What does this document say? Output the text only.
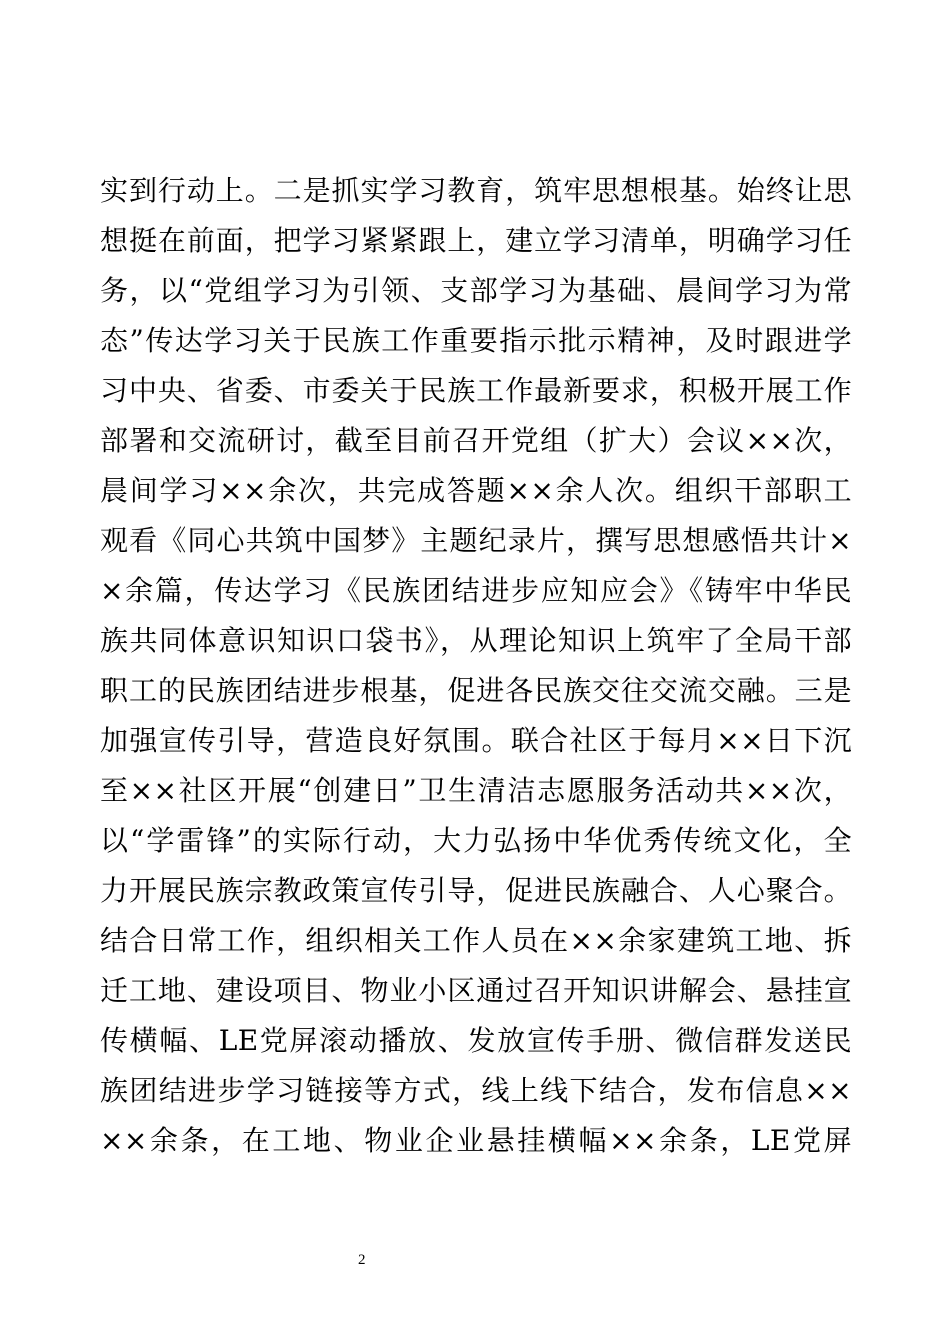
实到行动上。二是抓实学习教育，筑牢思想根基。始终让思
想挺在前面，把学习紧紧跟上，建立学习清单，明确学习任
务，以“党组学习为引领、支部学习为基础、晨间学习为常
态”传达学习关于民族工作重要指示批示精神，及时跟进学
习中央、省委、市委关于民族工作最新要求，积极开展工作
部署和交流研讨，截至目前召开党组（扩大）会议××次，
晨间学习××余次，共完成答题××余人次。组织干部职工
观看《同心共筑中国梦》主题纪录片，撰写思想感悟共计×
×余篇，传达学习《民族团结进步应知应会》《铸牢中华民
族共同体意识知识口袋书》，从理论知识上筑牢了全局干部
职工的民族团结进步根基，促进各民族交往交流交融。三是
加强宣传引导，营造良好氛围。联合社区于每月××日下沉
至××社区开展“创建日”卫生清洁志愿服务活动共××次，
以“学雷锋”的实际行动，大力弘扬中华优秀传统文化，全
力开展民族宗教政策宣传引导，促进民族融合、人心聚合。
结合日常工作，组织相关工作人员在××余家建筑工地、拆
迁工地、建设项目、物业小区通过召开知识讲解会、悬挂宣
传横幅、LE党屏滚动播放、发放宣传手册、微信群发送民
族团结进步学习链接等方式，线上线下结合，发布信息××
××余条，在工地、物业企业悬挂横幅××余条，LE党屏
2
